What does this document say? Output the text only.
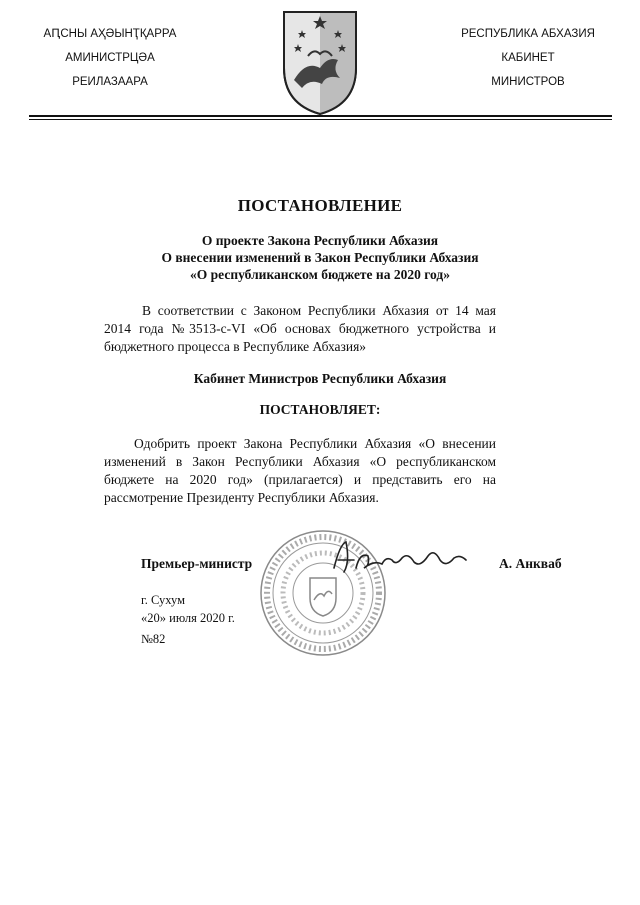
АԤСНЫ АҲӘЫНҬҚАРРА
АМИНИСТРЦӘА
РЕИЛАЗААРА
РЕСПУБЛИКА АБХАЗИЯ
КАБИНЕТ
МИНИСТРОВ
ПОСТАНОВЛЕНИЕ
О проекте Закона Республики Абхазия
О внесении изменений в Закон Республики Абхазия
«О республиканском бюджете на 2020 год»
В соответствии с Законом Республики Абхазия от 14 мая 2014 года №3513-с-VI «Об основах бюджетного устройства и бюджетного процесса в Республике Абхазия»
Кабинет Министров Республики Абхазия
ПОСТАНОВЛЯЕТ:
Одобрить проект Закона Республики Абхазия «О внесении изменений в Закон Республики Абхазия «О республиканском бюджете на 2020 год» (прилагается) и представить его на рассмотрение Президенту Республики Абхазия.
Премьер-министр	А. Анкваб
г. Сухум
«20» июля 2020 г.
№82
